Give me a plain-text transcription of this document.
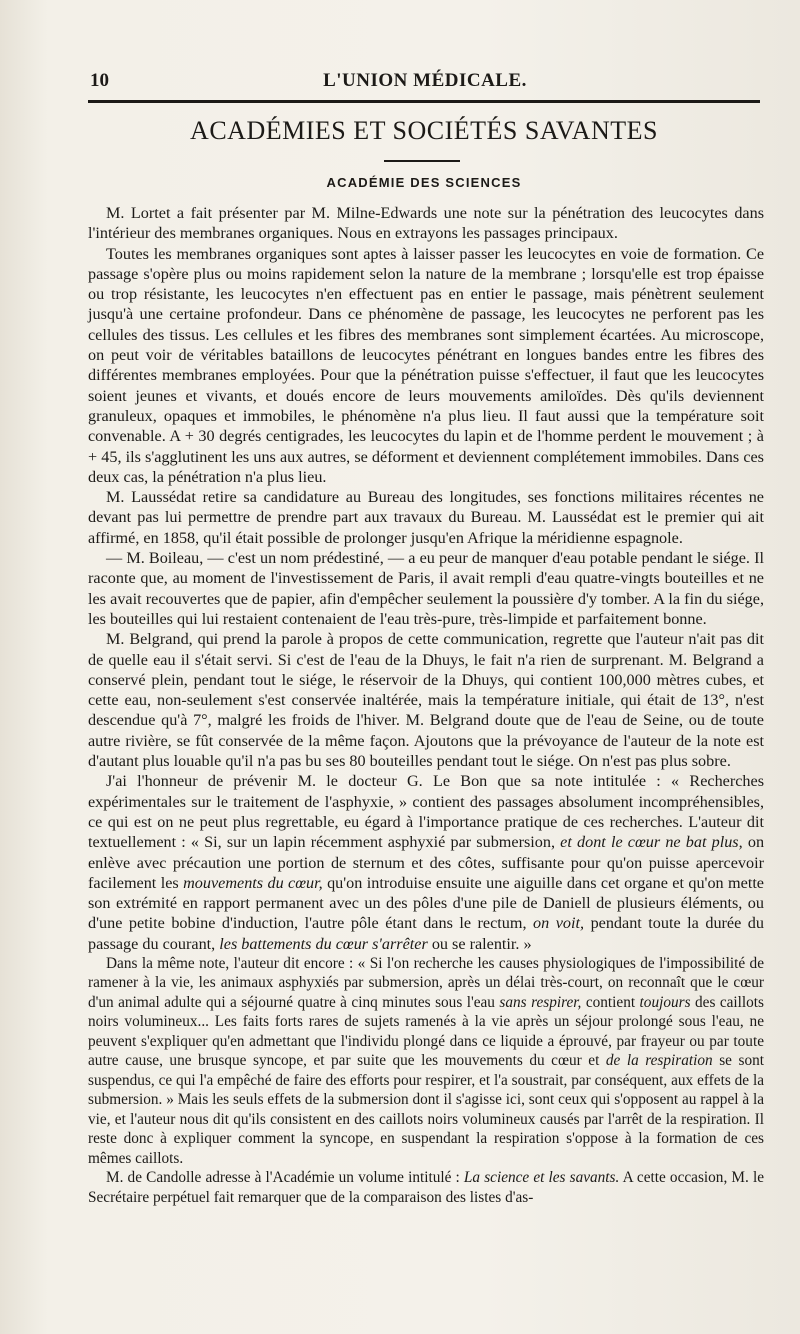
10	L'UNION MÉDICALE.
ACADÉMIES ET SOCIÉTÉS SAVANTES
ACADÉMIE DES SCIENCES

M. Lortet a fait présenter par M. Milne-Edwards une note sur la pénétration des leucocytes dans l'intérieur des membranes organiques. Nous en extrayons les passages principaux.

Toutes les membranes organiques sont aptes à laisser passer les leucocytes en voie de formation. Ce passage s'opère plus ou moins rapidement selon la nature de la membrane ; lorsqu'elle est trop épaisse ou trop résistante, les leucocytes n'en effectuent pas en entier le passage, mais pénètrent seulement jusqu'à une certaine profondeur. Dans ce phénomène de passage, les leucocytes ne perforent pas les cellules des tissus. Les cellules et les fibres des membranes sont simplement écartées. Au microscope, on peut voir de véritables bataillons de leucocytes pénétrant en longues bandes entre les fibres des différentes membranes employées. Pour que la pénétration puisse s'effectuer, il faut que les leucocytes soient jeunes et vivants, et doués encore de leurs mouvements amiloïdes. Dès qu'ils deviennent granuleux, opaques et immobiles, le phénomène n'a plus lieu. Il faut aussi que la température soit convenable. A + 30 degrés centigrades, les leucocytes du lapin et de l'homme perdent le mouvement ; à + 45, ils s'agglutinent les uns aux autres, se déforment et deviennent complétement immobiles. Dans ces deux cas, la pénétration n'a plus lieu.

M. Laussédat retire sa candidature au Bureau des longitudes, ses fonctions militaires récentes ne devant pas lui permettre de prendre part aux travaux du Bureau. M. Laussédat est le premier qui ait affirmé, en 1858, qu'il était possible de prolonger jusqu'en Afrique la méridienne espagnole.

— M. Boileau, — c'est un nom prédestiné, — a eu peur de manquer d'eau potable pendant le siége. Il raconte que, au moment de l'investissement de Paris, il avait rempli d'eau quatre-vingts bouteilles et ne les avait recouvertes que de papier, afin d'empêcher seulement la poussière d'y tomber. A la fin du siége, les bouteilles qui lui restaient contenaient de l'eau très-pure, très-limpide et parfaitement bonne.

M. Belgrand, qui prend la parole à propos de cette communication, regrette que l'auteur n'ait pas dit de quelle eau il s'était servi. Si c'est de l'eau de la Dhuys, le fait n'a rien de surprenant. M. Belgrand a conservé plein, pendant tout le siége, le réservoir de la Dhuys, qui contient 100,000 mètres cubes, et cette eau, non-seulement s'est conservée inaltérée, mais la température initiale, qui était de 13°, n'est descendue qu'à 7°, malgré les froids de l'hiver. M. Belgrand doute que de l'eau de Seine, ou de toute autre rivière, se fût conservée de la même façon. Ajoutons que la prévoyance de l'auteur de la note est d'autant plus louable qu'il n'a pas bu ses 80 bouteilles pendant tout le siége. On n'est pas plus sobre.

J'ai l'honneur de prévenir M. le docteur G. Le Bon que sa note intitulée : « Recherches expérimentales sur le traitement de l'asphyxie, » contient des passages absolument incompréhensibles, ce qui est on ne peut plus regrettable, eu égard à l'importance pratique de ces recherches. L'auteur dit textuellement : « Si, sur un lapin récemment asphyxié par submersion, et dont le cœur ne bat plus, on enlève avec précaution une portion de sternum et des côtes, suffisante pour qu'on puisse apercevoir facilement les mouvements du cœur, qu'on introduise ensuite une aiguille dans cet organe et qu'on mette son extrémité en rapport permanent avec un des pôles d'une pile de Daniell de plusieurs éléments, ou d'une petite bobine d'induction, l'autre pôle étant dans le rectum, on voit, pendant toute la durée du passage du courant, les battements du cœur s'arrêter ou se ralentir. »

Dans la même note, l'auteur dit encore : « Si l'on recherche les causes physiologiques de l'impossibilité de ramener à la vie, les animaux asphyxiés par submersion, après un délai très-court, on reconnaît que le cœur d'un animal adulte qui a séjourné quatre à cinq minutes sous l'eau sans respirer, contient toujours des caillots noirs volumineux... Les faits forts rares de sujets ramenés à la vie après un séjour prolongé sous l'eau, ne peuvent s'expliquer qu'en admettant que l'individu plongé dans ce liquide a éprouvé, par frayeur ou par toute autre cause, une brusque syncope, et par suite que les mouvements du cœur et de la respiration se sont suspendus, ce qui l'a empêché de faire des efforts pour respirer, et l'a soustrait, par conséquent, aux effets de la submersion. » Mais les seuls effets de la submersion dont il s'agisse ici, sont ceux qui s'opposent au rappel à la vie, et l'auteur nous dit qu'ils consistent en des caillots noirs volumineux causés par l'arrêt de la respiration. Il reste donc à expliquer comment la syncope, en suspendant la respiration s'oppose à la formation de ces mêmes caillots.

M. de Candolle adresse à l'Académie un volume intitulé : La science et les savants. A cette occasion, M. le Secrétaire perpétuel fait remarquer que de la comparaison des listes d'as-
